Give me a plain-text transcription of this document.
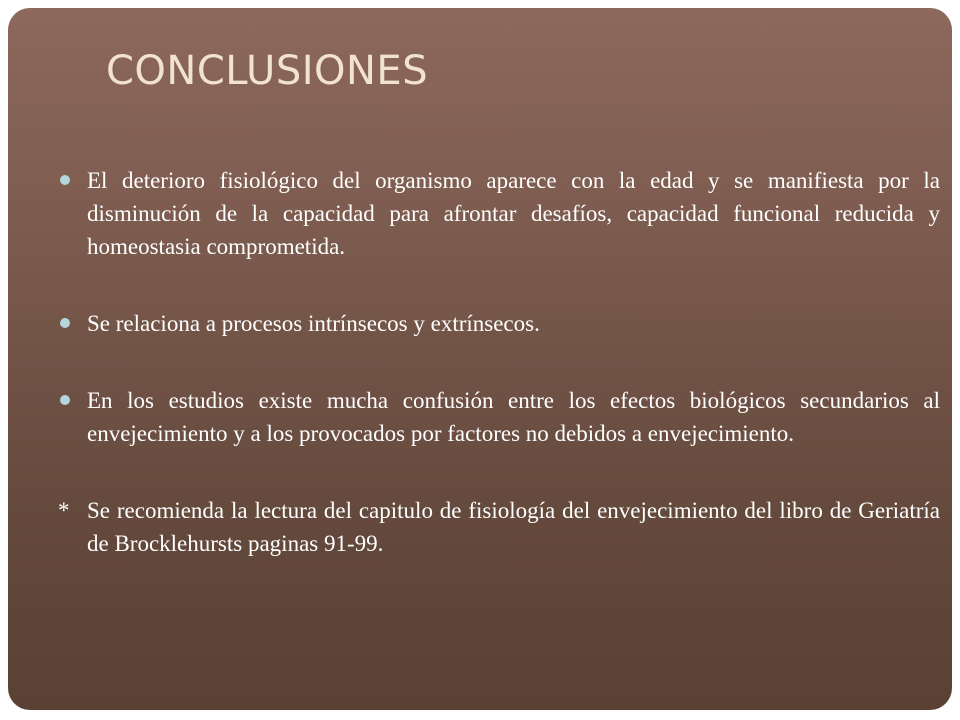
CONCLUSIONES
El deterioro fisiológico del organismo aparece con la edad y se manifiesta por la disminución de la capacidad para afrontar desafíos, capacidad funcional reducida y homeostasia comprometida.
Se relaciona a procesos intrínsecos y extrínsecos.
En los estudios existe mucha confusión entre los efectos biológicos secundarios al envejecimiento y a los provocados por factores no debidos a envejecimiento.
* Se recomienda la lectura del capitulo de fisiología del envejecimiento del libro de Geriatría de Brocklehursts paginas 91-99.
